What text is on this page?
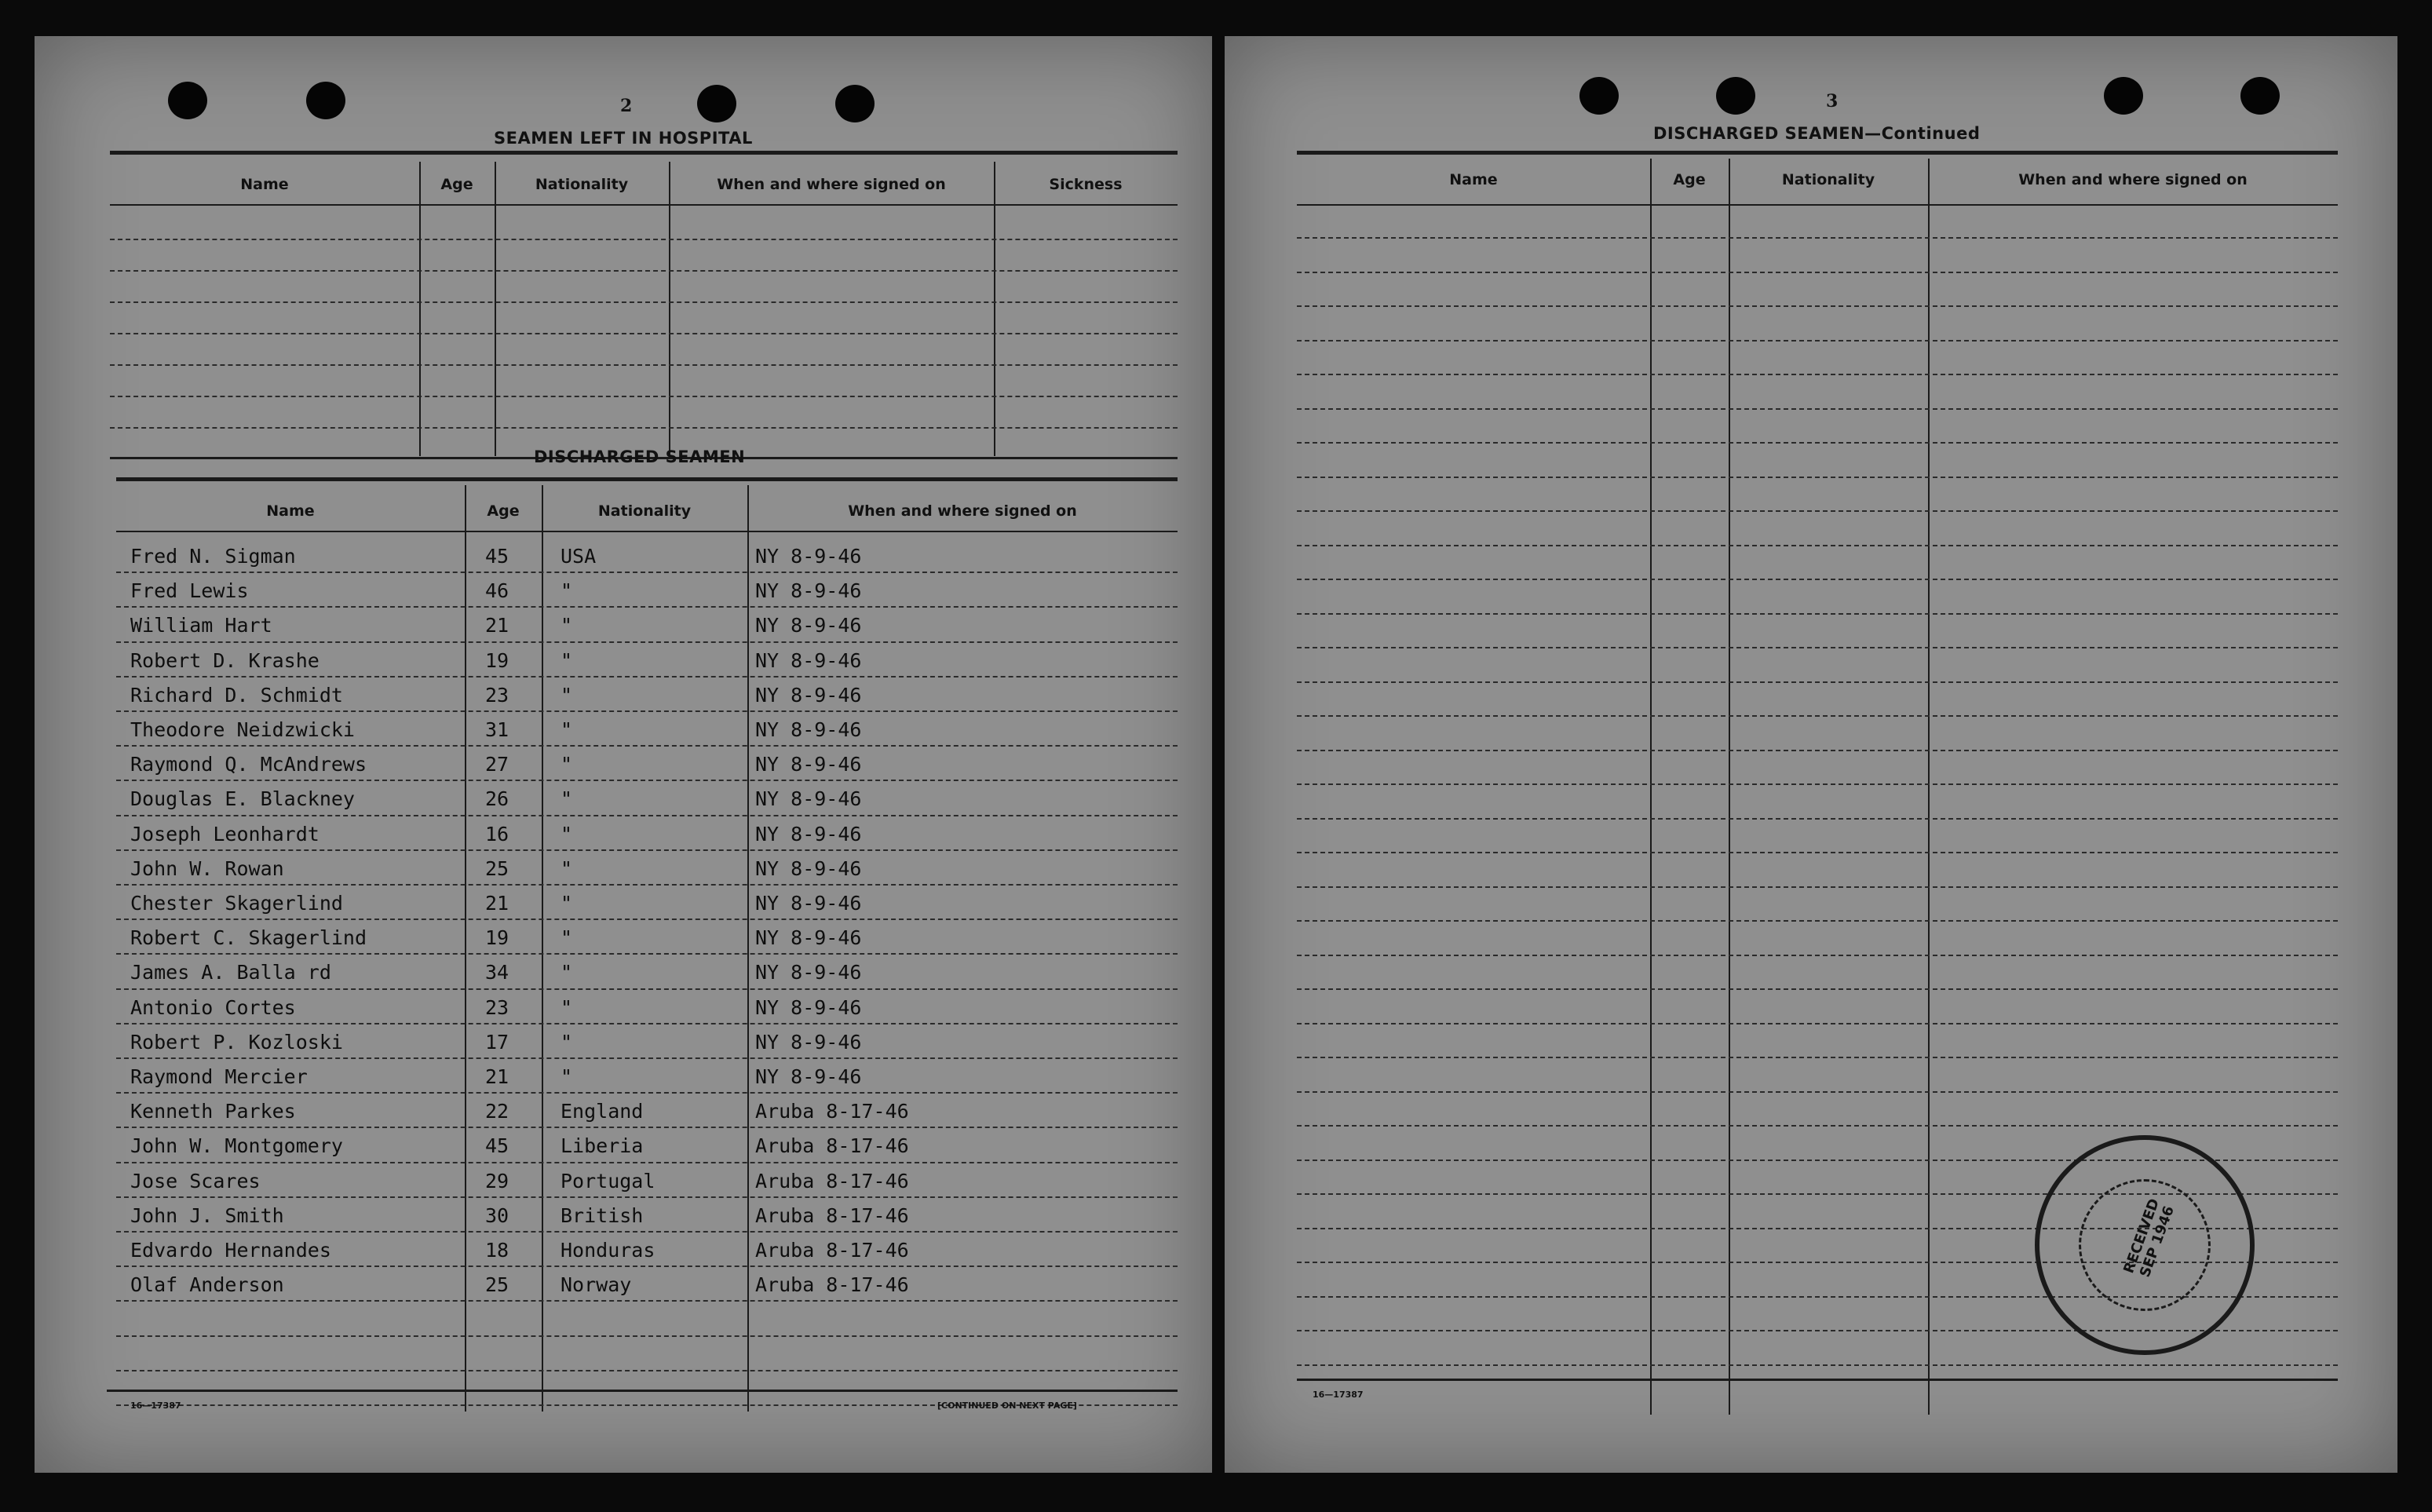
2
SEAMEN LEFT IN HOSPITAL
Name	Age	Nationality	When and where signed on	Sickness
DISCHARGED SEAMEN
Name	Age	Nationality	When and where signed on
Fred N. Sigman	45	USA	NY 8-9-46
Fred Lewis	46	"	NY 8-9-46
William Hart	21	"	NY 8-9-46
Robert D. Krashe	19	"	NY 8-9-46
Richard D. Schmidt	23	"	NY 8-9-46
Theodore Neidzwicki	31	"	NY 8-9-46
Raymond Q. McAndrews	27	"	NY 8-9-46
Douglas E. Blackney	26	"	NY 8-9-46
Joseph Leonhardt	16	"	NY 8-9-46
John W. Rowan	25	"	NY 8-9-46
Chester Skagerlind	21	"	NY 8-9-46
Robert C. Skagerlind	19	"	NY 8-9-46
James A. Balla rd	34	"	NY 8-9-46
Antonio Cortes	23	"	NY 8-9-46
Robert P. Kozloski	17	"	NY 8-9-46
Raymond Mercier	21	"	NY 8-9-46
Kenneth Parkes	22	England	Aruba 8-17-46
John W. Montgomery	45	Liberia	Aruba 8-17-46
Jose Scares	29	Portugal	Aruba 8-17-46
John J. Smith	30	British	Aruba 8-17-46
Edvardo Hernandes	18	Honduras	Aruba 8-17-46
Olaf Anderson	25	Norway	Aruba 8-17-46
16—17387	[CONTINUED ON NEXT PAGE]
3
DISCHARGED SEAMEN—Continued
Name	Age	Nationality	When and where signed on
RECEIVED SEP 1946
16—17387
